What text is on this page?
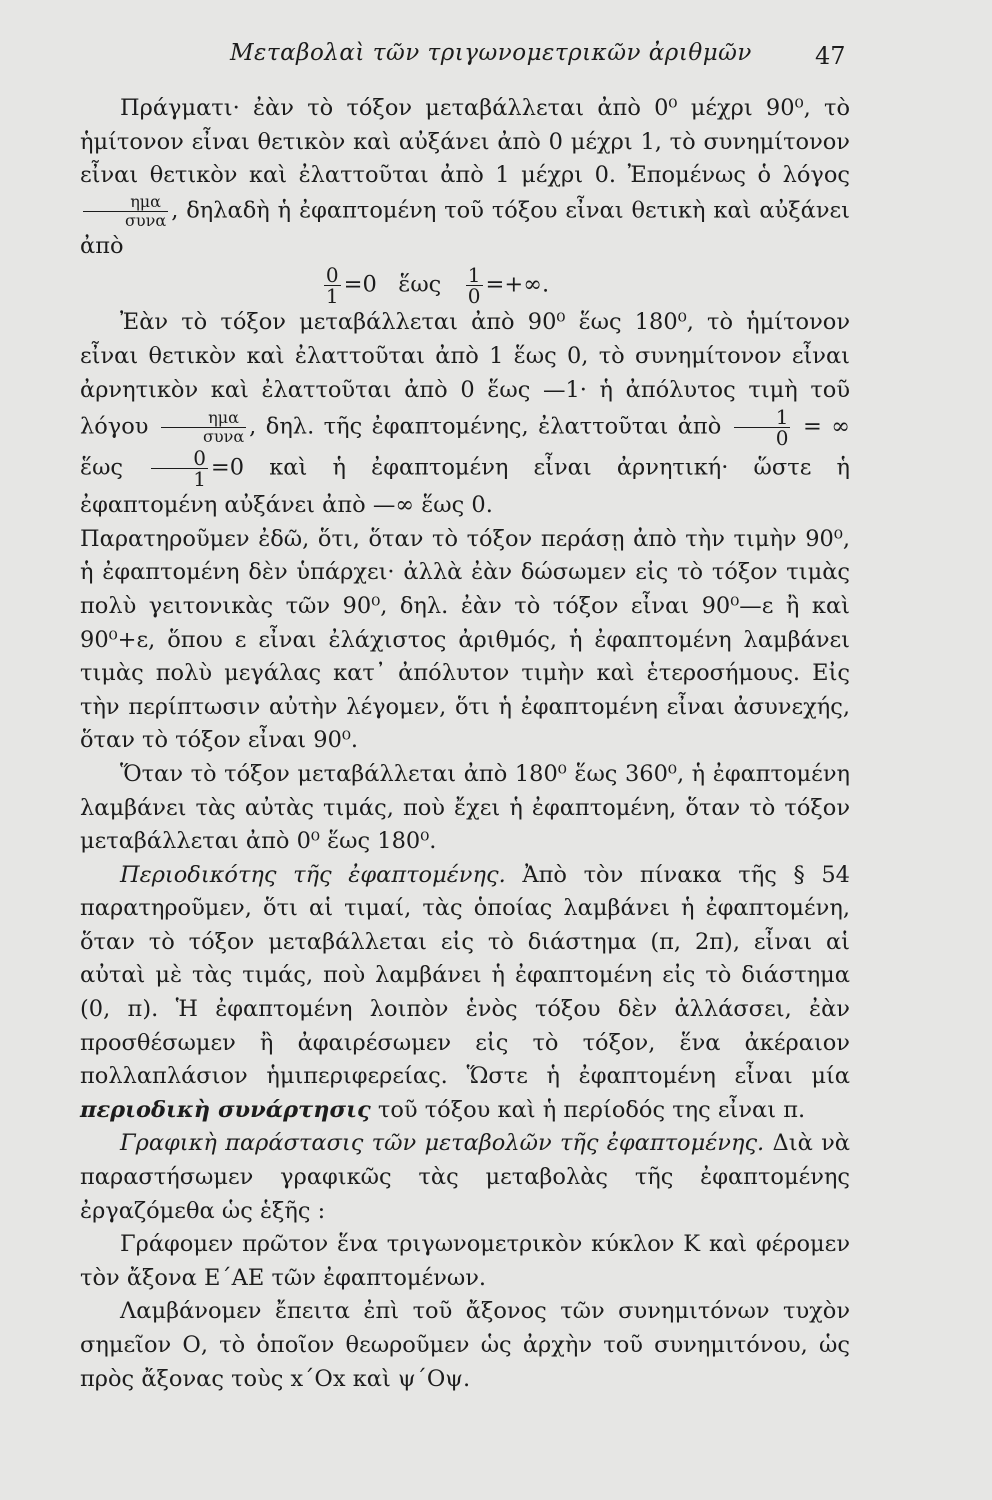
Μεταβολαὶ τῶν τριγωνομετρικῶν ἀριθμῶν	47

Πράγματι· ἐὰν τὸ τόξον μεταβάλλεται ἀπὸ 0⁰ μέχρι 90⁰, τὸ ἡμίτονον εἶναι θετικὸν καὶ αὐξάνει ἀπὸ 0 μέχρι 1, τὸ συνημίτονον εἶναι θετικὸν καὶ ἐλαττοῦται ἀπὸ 1 μέχρι 0. Ἐπομένως ὁ λόγος
$\frac{\text{ημα}}{\text{συνα}}$ , δηλαδὴ ἡ ἐφαπτομένη τοῦ τόξου εἶναι θετικὴ καὶ αὐξάνει ἀπὸ

$\frac{0}{1} =0$ ἕως $\frac{1}{0}$ =+∞.

Ἐὰν τὸ τόξον μεταβάλλεται ἀπὸ 90⁰ ἕως 180⁰, τὸ ἡμίτονον εἶναι θετικὸν καὶ ἐλαττοῦται ἀπὸ 1 ἕως 0, τὸ συνημίτονον εἶναι ἀρνητικὸν καὶ ἐλαττοῦται ἀπὸ 0 ἕως —1· ἡ ἀπόλυτος τιμὴ τοῦ λόγου $\frac{\text{ημα}}{\text{συνα}}$ , δηλ. τῆς ἐφαπτομένης, ἐλαττοῦται ἀπὸ $\frac{1}{0}$ = ∞ ἕως $\frac{0}{1} =0$ καὶ ἡ ἐφαπτομένη εἶναι ἀρνητική· ὥστε ἡ ἐφαπτομένη αὐξάνει ἀπὸ —∞ ἕως 0.

Παρατηροῦμεν ἐδῶ, ὅτι, ὅταν τὸ τόξον περάσῃ ἀπὸ τὴν τιμὴν 90⁰, ἡ ἐφαπτομένη δὲν ὑπάρχει· ἀλλὰ ἐὰν δώσωμεν εἰς τὸ τόξον τιμὰς πολὺ γειτονικὰς τῶν 90⁰, δηλ. ἐὰν τὸ τόξον εἶναι 90⁰—ε ἢ καὶ 90⁰+ε, ὅπου ε εἶναι ἐλάχιστος ἀριθμός, ἡ ἐφαπτομένη λαμβάνει τιμὰς πολὺ μεγάλας κατ᾿ ἀπόλυτον τιμὴν καὶ ἑτεροσήμους. Εἰς τὴν περίπτωσιν αὐτὴν λέγομεν, ὅτι ἡ ἐφαπτομένη εἶναι ἀσυνεχής, ὅταν τὸ τόξον εἶναι 90⁰.

Ὅταν τὸ τόξον μεταβάλλεται ἀπὸ 180⁰ ἕως 360⁰, ἡ ἐφαπτομένη λαμβάνει τὰς αὐτὰς τιμάς, ποὺ ἔχει ἡ ἐφαπτομένη, ὅταν τὸ τόξον μεταβάλλεται ἀπὸ 0⁰ ἕως 180⁰.

Περιοδικότης τῆς ἐφαπτομένης. Ἀπὸ τὸν πίνακα τῆς § 54 παρατηροῦμεν, ὅτι αἱ τιμαί, τὰς ὁποίας λαμβάνει ἡ ἐφαπτομένη, ὅταν τὸ τόξον μεταβάλλεται εἰς τὸ διάστημα (π, 2π), εἶναι αἱ αὐταὶ μὲ τὰς τιμάς, ποὺ λαμβάνει ἡ ἐφαπτομένη εἰς τὸ διάστημα (0, π). Ἡ ἐφαπτομένη λοιπὸν ἑνὸς τόξου δὲν ἀλλάσσει, ἐὰν προσθέσωμεν ἢ ἀφαιρέσωμεν εἰς τὸ τόξον, ἕνα ἀκέραιον πολλαπλάσιον ἡμιπεριφερείας. Ὥστε ἡ ἐφαπτομένη εἶναι μία περιοδικὴ συνάρτησις τοῦ τόξου καὶ ἡ περίοδός της εἶναι π.

Γραφικὴ παράστασις τῶν μεταβολῶν τῆς ἐφαπτομένης. Διὰ νὰ παραστήσωμεν γραφικῶς τὰς μεταβολὰς τῆς ἐφαπτομένης ἐργαζόμεθα ὡς ἑξῆς :

Γράφομεν πρῶτον ἕνα τριγωνομετρικὸν κύκλον Κ καὶ φέρομεν τὸν ἄξονα Ε΄ΑΕ τῶν ἐφαπτομένων.

Λαμβάνομεν ἔπειτα ἐπὶ τοῦ ἄξονος τῶν συνημιτόνων τυχὸν σημεῖον Ο, τὸ ὁποῖον θεωροῦμεν ὡς ἀρχὴν τοῦ συνημιτόνου, ὡς πρὸς ἄξονας τοὺς x΄Ox καὶ ψ΄Οψ.
